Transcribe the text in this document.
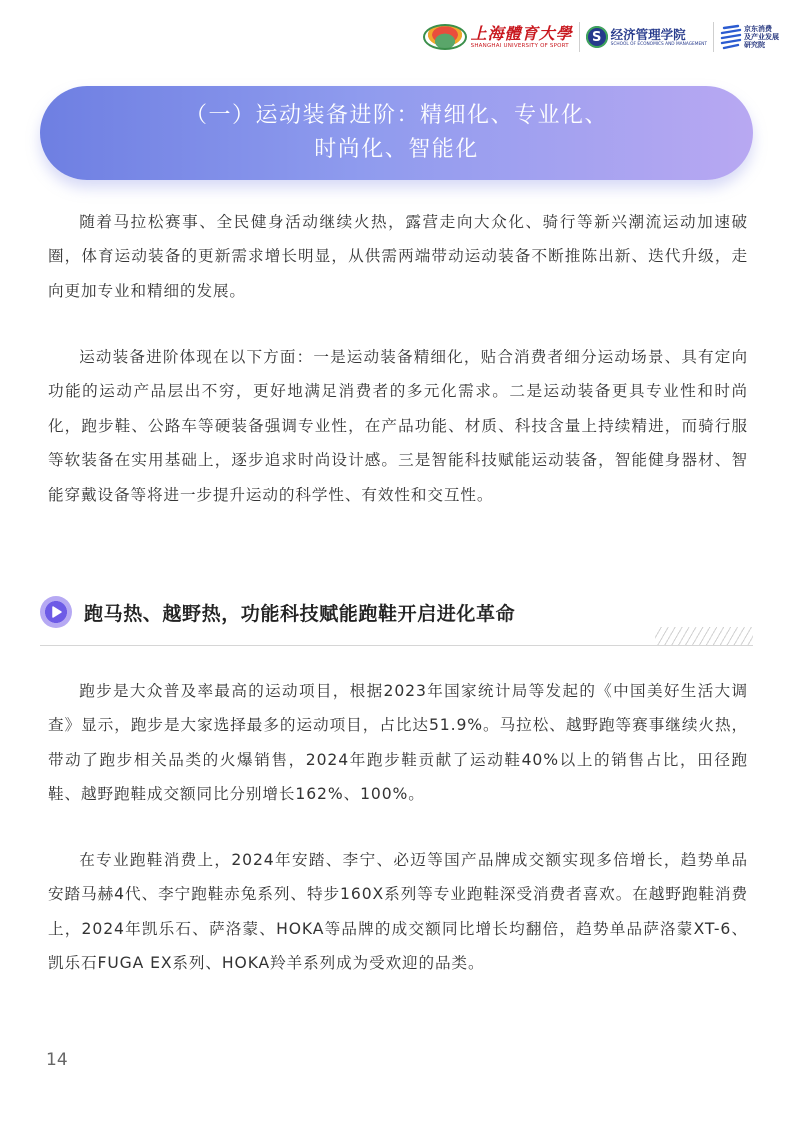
上海體育大學
SHANGHAI UNIVERSITY OF SPORT
S 经济管理学院
SCHOOL OF ECONOMICS AND MANAGEMENT
京东消费
及产业发展
研究院
（一）运动装备进阶：精细化、专业化、
时尚化、智能化

随着马拉松赛事、全民健身活动继续火热，露营走向大众化、骑行等新兴潮流运动加速破圈，体育运动装备的更新需求增长明显，从供需两端带动运动装备不断推陈出新、迭代升级，走向更加专业和精细的发展。

运动装备进阶体现在以下方面：一是运动装备精细化，贴合消费者细分运动场景、具有定向功能的运动产品层出不穷，更好地满足消费者的多元化需求。二是运动装备更具专业性和时尚化，跑步鞋、公路车等硬装备强调专业性，在产品功能、材质、科技含量上持续精进，而骑行服等软装备在实用基础上，逐步追求时尚设计感。三是智能科技赋能运动装备，智能健身器材、智能穿戴设备等将进一步提升运动的科学性、有效性和交互性。

跑马热、越野热，功能科技赋能跑鞋开启进化革命

跑步是大众普及率最高的运动项目，根据2023年国家统计局等发起的《中国美好生活大调查》显示，跑步是大家选择最多的运动项目，占比达51.9%。马拉松、越野跑等赛事继续火热，带动了跑步相关品类的火爆销售，2024年跑步鞋贡献了运动鞋40%以上的销售占比，田径跑鞋、越野跑鞋成交额同比分别增长162%、100%。

在专业跑鞋消费上，2024年安踏、李宁、必迈等国产品牌成交额实现多倍增长，趋势单品安踏马赫4代、李宁跑鞋赤兔系列、特步160X系列等专业跑鞋深受消费者喜欢。在越野跑鞋消费上，2024年凯乐石、萨洛蒙、HOKA等品牌的成交额同比增长均翻倍，趋势单品萨洛蒙XT-6、凯乐石FUGA EX系列、HOKA羚羊系列成为受欢迎的品类。

14
